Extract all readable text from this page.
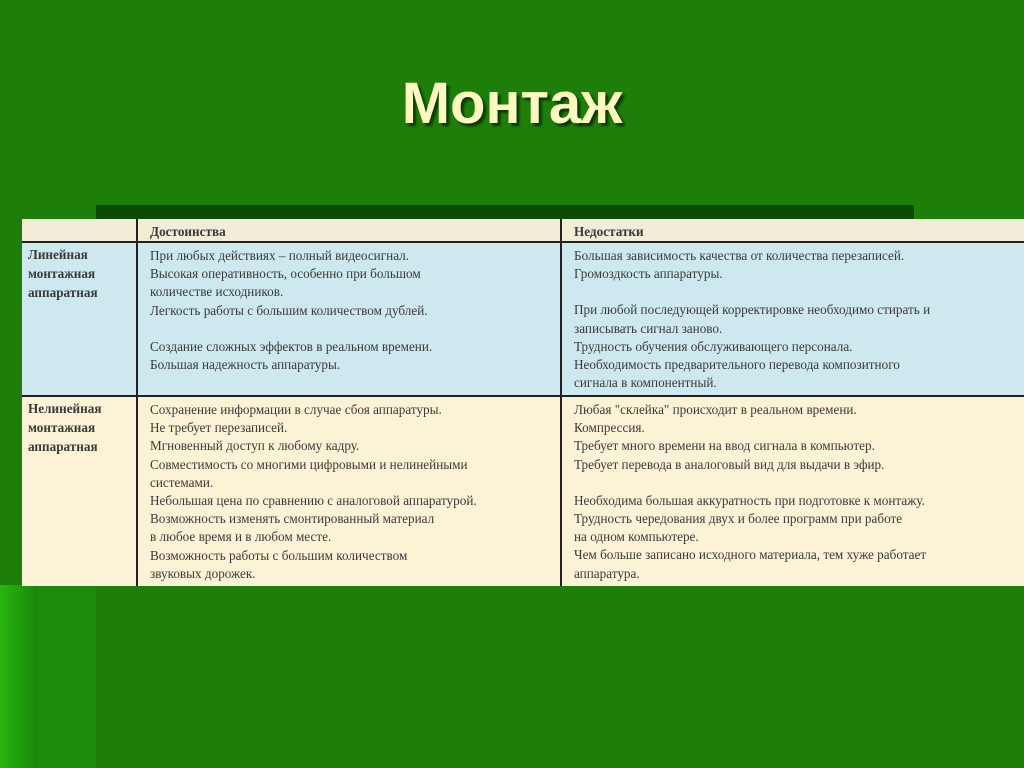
Монтаж
Достоинства	Недостатки
Линейная монтажная аппаратная
При любых действиях – полный видеосигнал.
Высокая оперативность, особенно при большом
количестве исходников.
Легкость работы с большим количеством дублей.
Создание сложных эффектов в реальном времени.
Большая надежность аппаратуры.
Большая зависимость качества от количества перезаписей.
Громоздкость аппаратуры.
При любой последующей корректировке необходимо стирать и
записывать сигнал заново.
Трудность обучения обслуживающего персонала.
Необходимость предварительного перевода композитного
сигнала в компонентный.
Нелинейная монтажная аппаратная
Сохранение информации в случае сбоя аппаратуры.
Не требует перезаписей.
Мгновенный доступ к любому кадру.
Совместимость со многими цифровыми и нелинейными
системами.
Небольшая цена по сравнению с аналоговой аппаратурой.
Возможность изменять смонтированный материал
в любое время и в любом месте.
Возможность работы с большим количеством
звуковых дорожек.
Любая "склейка" происходит в реальном времени.
Компрессия.
Требует много времени на ввод сигнала в компьютер.
Требует перевода в аналоговый вид для выдачи в эфир.
Необходима большая аккуратность при подготовке к монтажу.
Трудность чередования двух и более программ при работе
на одном компьютере.
Чем больше записано исходного материала, тем хуже работает
аппаратура.
